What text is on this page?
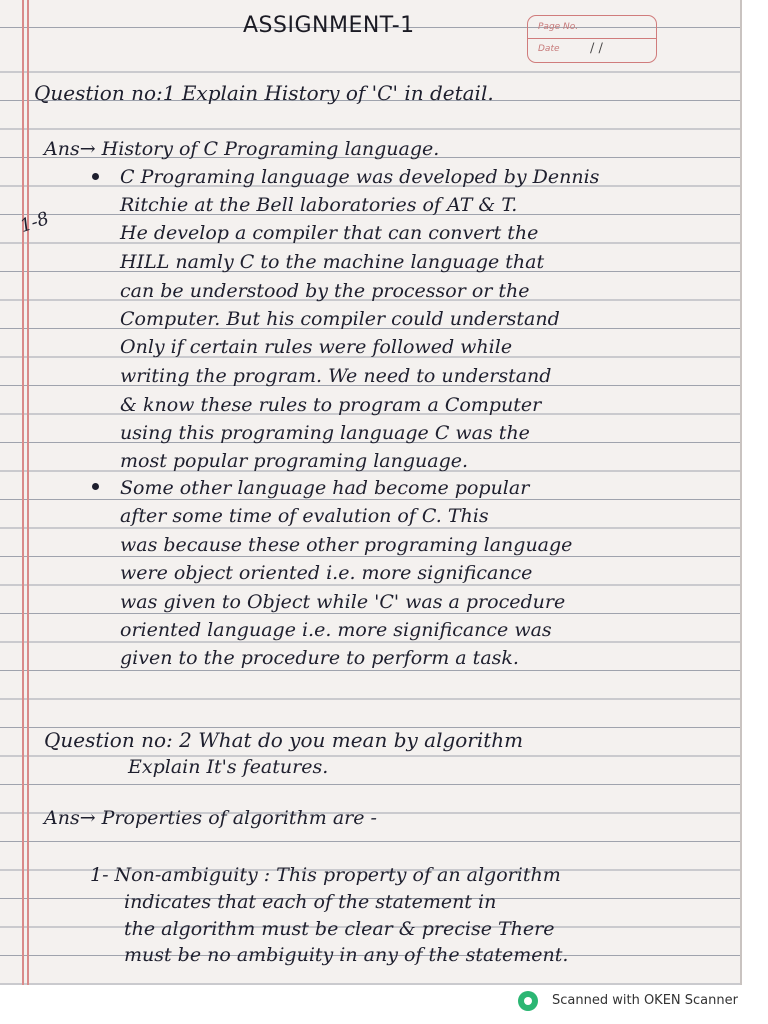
ASSIGNMENT-1	Page No.
Date / /
1-8
Question no:1 Explain History of 'C' in detail.
Ans→ History of C Programing language.
C Programing language was developed by Dennis
Ritchie at the Bell laboratories of AT & T.
He develop a compiler that can convert the
HILL namly C to the machine language that
can be understood by the processor or the
Computer. But his compiler could understand
Only if certain rules were followed while
writing the program. We need to understand
& know these rules to program a Computer
using this programing language C was the
most popular programing language.
Some other language had become popular
after some time of evalution of C. This
was because these other programing language
were object oriented i.e. more significance
was given to Object while 'C' was a procedure
oriented language i.e. more significance was
given to the procedure to perform a task.
Question no: 2 What do you mean by algorithm
Explain It's features.
Ans→ Properties of algorithm are -
1- Non-ambiguity : This property of an algorithm
indicates that each of the statement in
the algorithm must be clear & precise There
must be no ambiguity in any of the statement.
Scanned with OKEN Scanner
